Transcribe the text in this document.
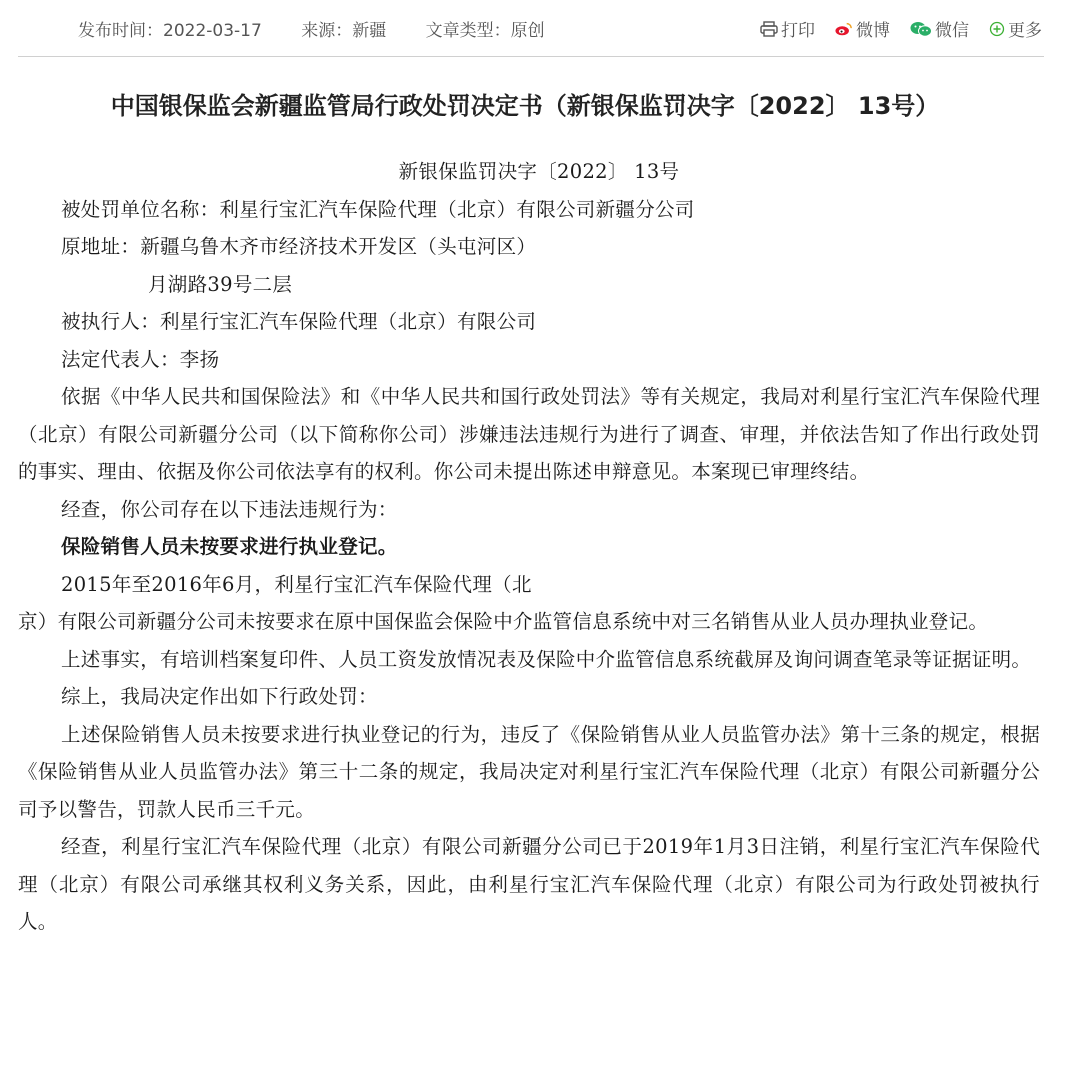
发布时间：2022-03-17 来源：新疆 文章类型：原创	打印 微博	微信 更多
中国银保监会新疆监管局行政处罚决定书（新银保监罚决字〔2022〕 13号）

新银保监罚决字〔2022〕 13号

被处罚单位名称：利星行宝汇汽车保险代理（北京）有限公司新疆分公司

原地址：新疆乌鲁木齐市经济技术开发区（头屯河区）

月湖路39号二层

被执行人：利星行宝汇汽车保险代理（北京）有限公司

法定代表人：李扬

依据《中华人民共和国保险法》和《中华人民共和国行政处罚法》等有关规定，我局对利星行宝汇汽车保险代理（北京）有限公司新疆分公司（以下简称你公司）涉嫌违法违规行为进行了调查、审理，并依法告知了作出行政处罚的事实、理由、依据及你公司依法享有的权利。你公司未提出陈述申辩意见。本案现已审理终结。

经查，你公司存在以下违法违规行为：

保险销售人员未按要求进行执业登记。

2015年至2016年6月，利星行宝汇汽车保险代理（北

京）有限公司新疆分公司未按要求在原中国保监会保险中介监管信息系统中对三名销售从业人员办理执业登记。

上述事实，有培训档案复印件、人员工资发放情况表及保险中介监管信息系统截屏及询问调查笔录等证据证明。

综上，我局决定作出如下行政处罚：

上述保险销售人员未按要求进行执业登记的行为，违反了《保险销售从业人员监管办法》第十三条的规定，根据《保险销售从业人员监管办法》第三十二条的规定，我局决定对利星行宝汇汽车保险代理（北京）有限公司新疆分公司予以警告，罚款人民币三千元。

经查，利星行宝汇汽车保险代理（北京）有限公司新疆分公司已于2019年1月3日注销，利星行宝汇汽车保险代理（北京）有限公司承继其权利义务关系，因此，由利星行宝汇汽车保险代理（北京）有限公司为行政处罚被执行人。
